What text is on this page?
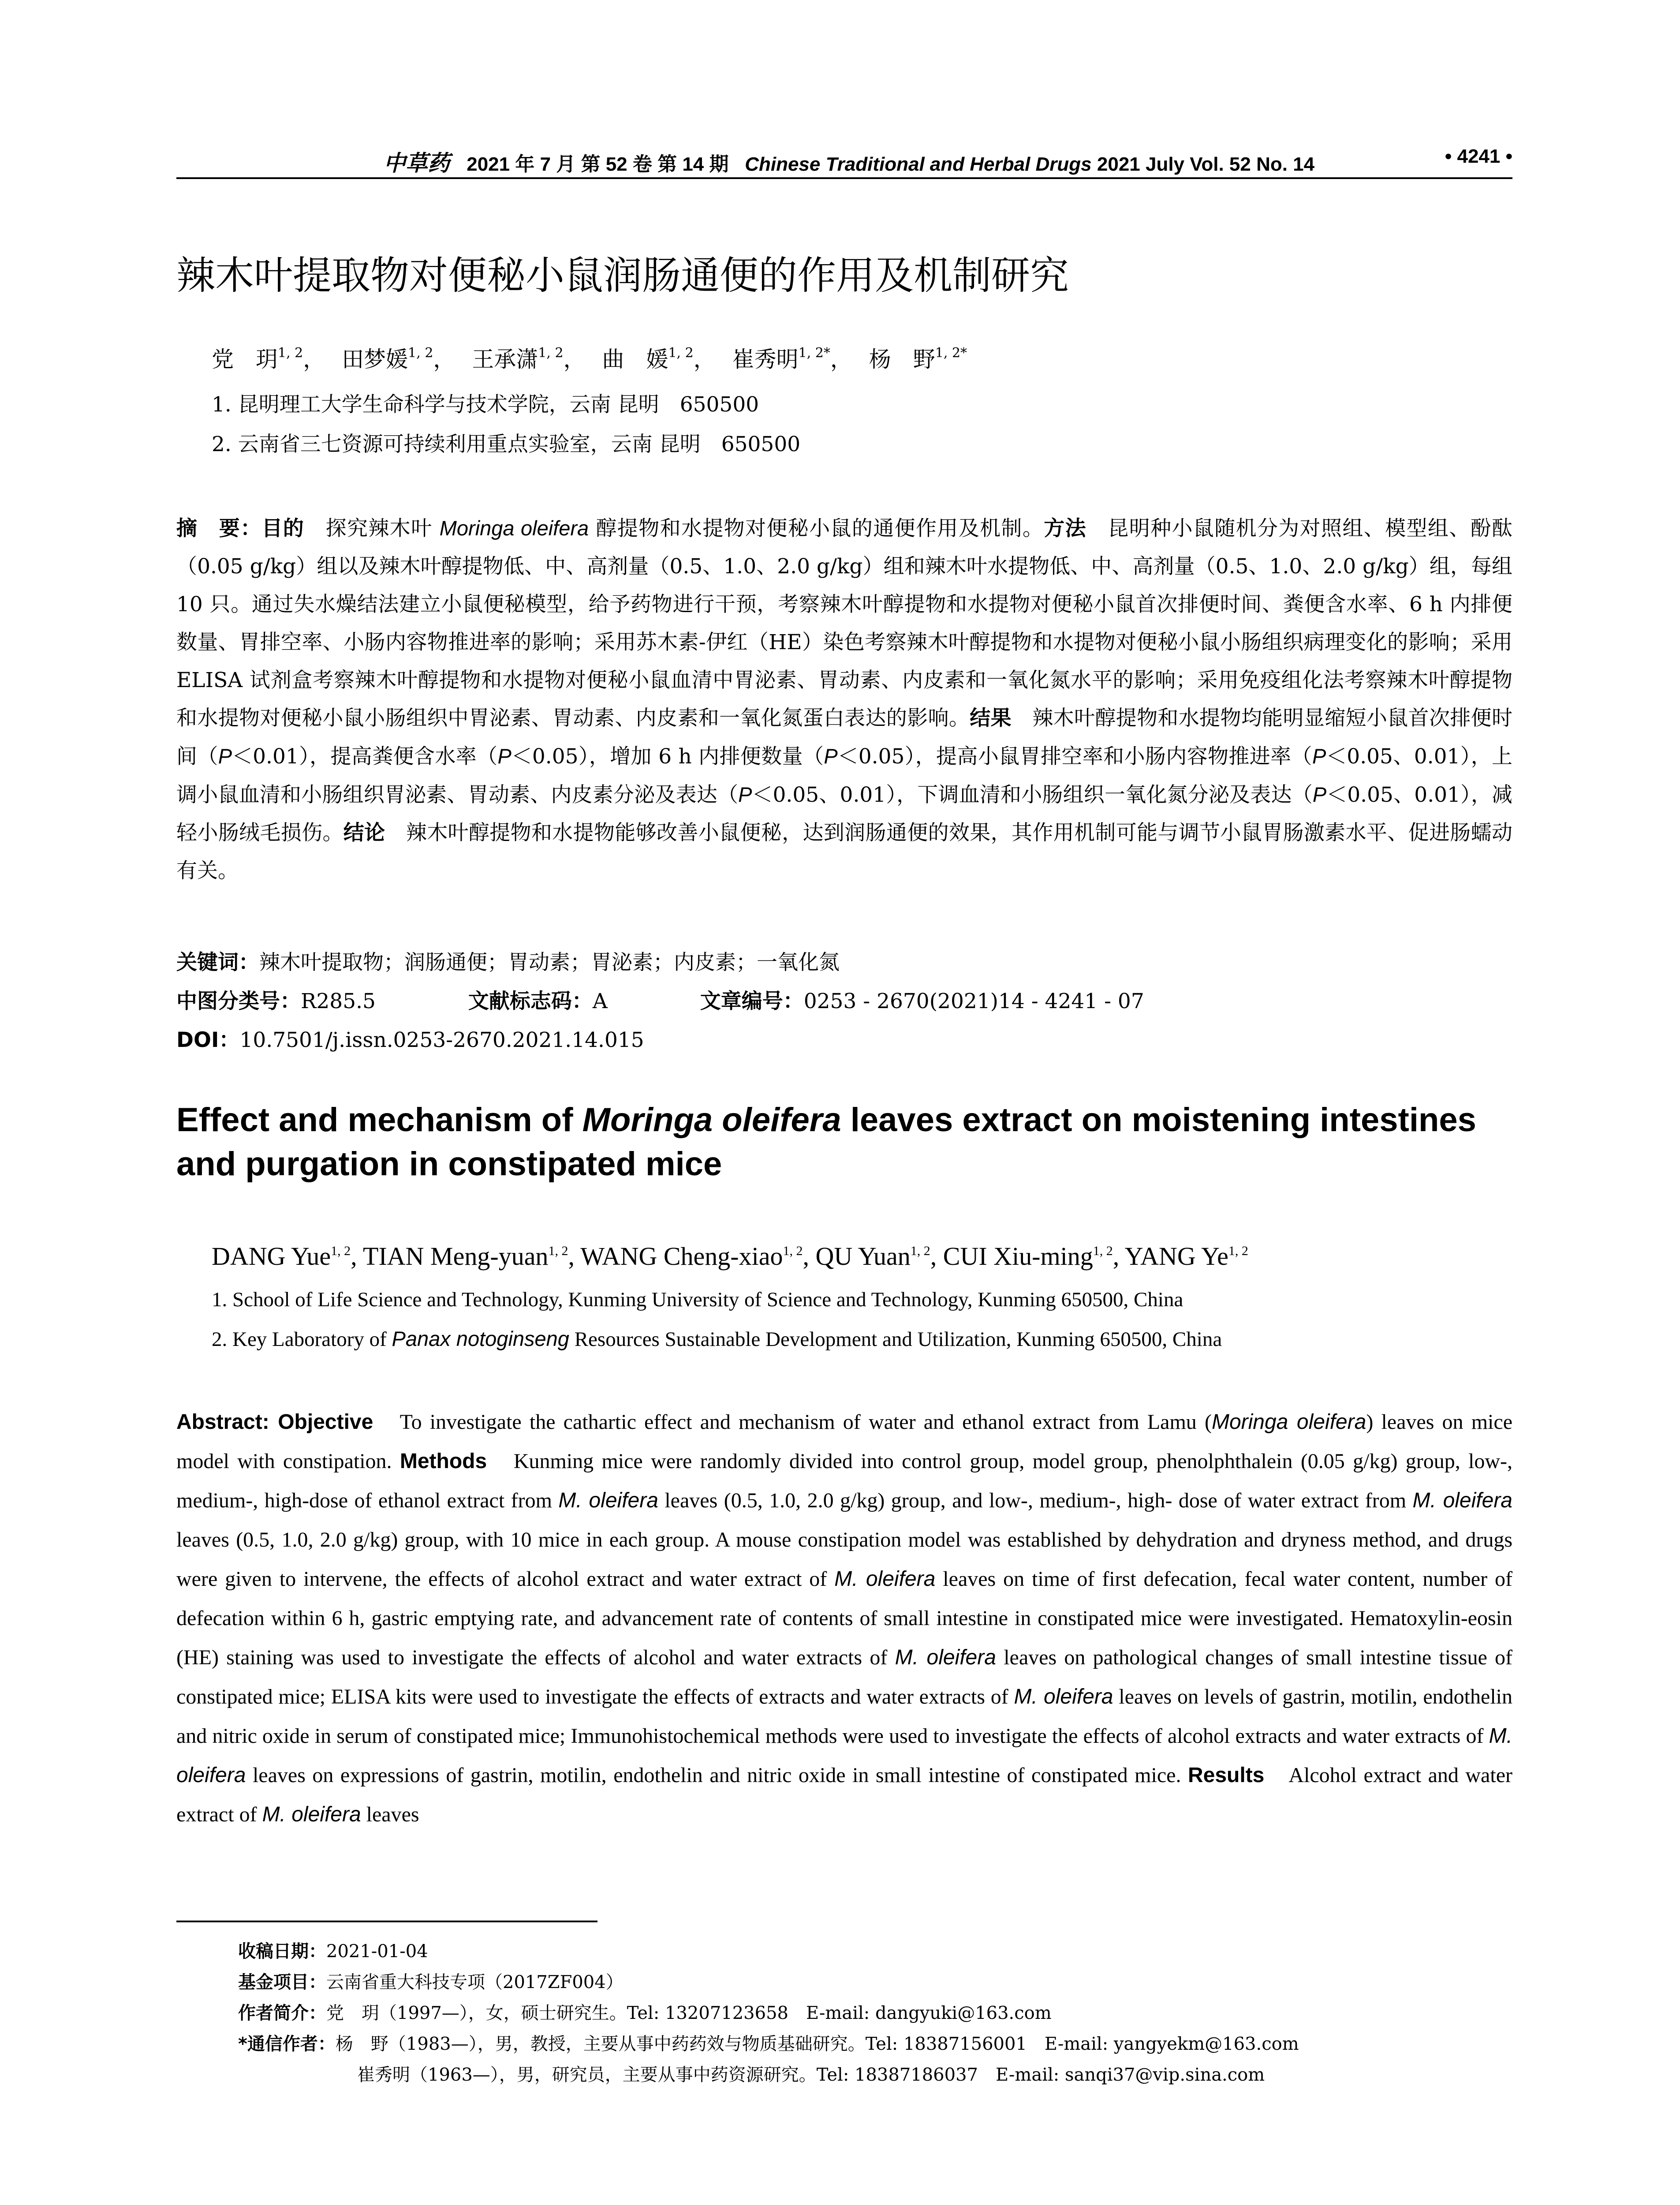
中草药 2021 年 7 月 第 52 卷 第 14 期 Chinese Traditional and Herbal Drugs 2021 July Vol. 52 No. 14	• 4241 •
辣木叶提取物对便秘小鼠润肠通便的作用及机制研究
党　玥$^{1, 2}$， 田梦媛$^{1, 2}$， 王承潇$^{1, 2}$， 曲　媛$^{1, 2}$， 崔秀明$^{1, 2*}$， 杨　野$^{1, 2*}$
1. 昆明理工大学生命科学与技术学院，云南 昆明　650500
2. 云南省三七资源可持续利用重点实验室，云南 昆明　650500
摘　要：目的　探究辣木叶 Moringa oleifera 醇提物和水提物对便秘小鼠的通便作用及机制。方法　昆明种小鼠随机分为对照组、模型组、酚酞（0.05 g/kg）组以及辣木叶醇提物低、中、高剂量（0.5、1.0、2.0 g/kg）组和辣木叶水提物低、中、高剂量（0.5、1.0、2.0 g/kg）组，每组 10 只。通过失水燥结法建立小鼠便秘模型，给予药物进行干预，考察辣木叶醇提物和水提物对便秘小鼠首次排便时间、粪便含水率、6 h 内排便数量、胃排空率、小肠内容物推进率的影响；采用苏木素-伊红（HE）染色考察辣木叶醇提物和水提物对便秘小鼠小肠组织病理变化的影响；采用 ELISA 试剂盒考察辣木叶醇提物和水提物对便秘小鼠血清中胃泌素、胃动素、内皮素和一氧化氮水平的影响；采用免疫组化法考察辣木叶醇提物和水提物对便秘小鼠小肠组织中胃泌素、胃动素、内皮素和一氧化氮蛋白表达的影响。结果　辣木叶醇提物和水提物均能明显缩短小鼠首次排便时间（P＜0.01），提高粪便含水率（P＜0.05），增加 6 h 内排便数量（P＜0.05），提高小鼠胃排空率和小肠内容物推进率（P＜0.05、0.01），上调小鼠血清和小肠组织胃泌素、胃动素、内皮素分泌及表达（P＜0.05、0.01），下调血清和小肠组织一氧化氮分泌及表达（P＜0.05、0.01），减轻小肠绒毛损伤。结论　辣木叶醇提物和水提物能够改善小鼠便秘，达到润肠通便的效果，其作用机制可能与调节小鼠胃肠激素水平、促进肠蠕动有关。
关键词：辣木叶提取物；润肠通便；胃动素；胃泌素；内皮素；一氧化氮
中图分类号：R285.5	文献标志码：A	文章编号：0253 - 2670(2021)14 - 4241 - 07
DOI：10.7501/j.issn.0253-2670.2021.14.015
Effect and mechanism of Moringa oleifera leaves extract on moistening intestines and purgation in constipated mice
DANG Yue$^{1, 2}$, TIAN Meng-yuan$^{1, 2}$, WANG Cheng-xiao$^{1, 2}$, QU Yuan$^{1, 2}$, CUI Xiu-ming$^{1, 2}$, YANG Ye$^{1, 2}$
1. School of Life Science and Technology, Kunming University of Science and Technology, Kunming 650500, China
2. Key Laboratory of Panax notoginseng Resources Sustainable Development and Utilization, Kunming 650500, China
Abstract: Objective　To investigate the cathartic effect and mechanism of water and ethanol extract from Lamu (Moringa oleifera) leaves on mice model with constipation. Methods　Kunming mice were randomly divided into control group, model group, phenolphthalein (0.05 g/kg) group, low-, medium-, high-dose of ethanol extract from M. oleifera leaves (0.5, 1.0, 2.0 g/kg) group, and low-, medium-, high- dose of water extract from M. oleifera leaves (0.5, 1.0, 2.0 g/kg) group, with 10 mice in each group. A mouse constipation model was established by dehydration and dryness method, and drugs were given to intervene, the effects of alcohol extract and water extract of M. oleifera leaves on time of first defecation, fecal water content, number of defecation within 6 h, gastric emptying rate, and advancement rate of contents of small intestine in constipated mice were investigated. Hematoxylin-eosin (HE) staining was used to investigate the effects of alcohol and water extracts of M. oleifera leaves on pathological changes of small intestine tissue of constipated mice; ELISA kits were used to investigate the effects of extracts and water extracts of M. oleifera leaves on levels of gastrin, motilin, endothelin and nitric oxide in serum of constipated mice; Immunohistochemical methods were used to investigate the effects of alcohol extracts and water extracts of M. oleifera leaves on expressions of gastrin, motilin, endothelin and nitric oxide in small intestine of constipated mice. Results　Alcohol extract and water extract of M. oleifera leaves
收稿日期：2021-01-04
基金项目：云南省重大科技专项（2017ZF004）
作者简介：党　玥（1997—），女，硕士研究生。Tel: 13207123658　E-mail: dangyuki@163.com
*通信作者：杨　野（1983—），男，教授，主要从事中药药效与物质基础研究。Tel: 18387156001　E-mail: yangyekm@163.com
崔秀明（1963—），男，研究员，主要从事中药资源研究。Tel: 18387186037　E-mail: sanqi37@vip.sina.com
